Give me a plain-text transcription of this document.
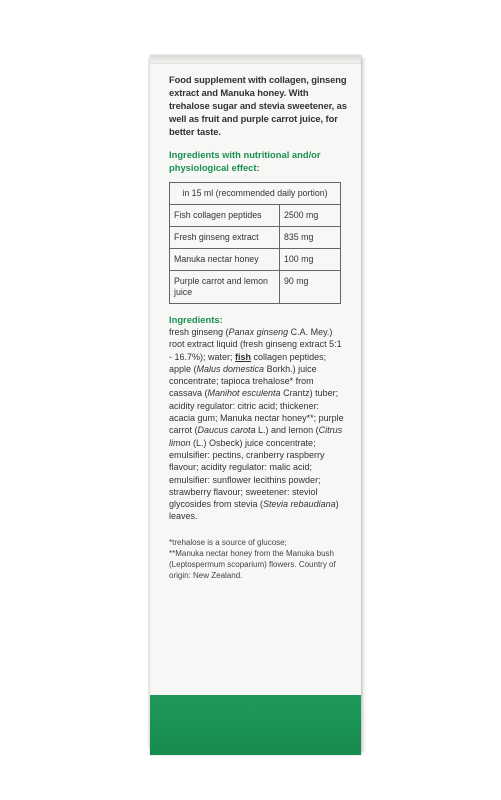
Food supplement with collagen, ginseng extract and Manuka honey. With trehalose sugar and stevia sweetener, as well as fruit and purple carrot juice, for better taste.
Ingredients with nutritional and/or physiological effect:
in 15 ml (recommended daily portion)	
Fish collagen peptides	2500 mg
Fresh ginseng extract	835 mg
Manuka nectar honey	100 mg
Purple carrot and lemon juice	90 mg
Ingredients:
fresh ginseng (Panax ginseng C.A. Mey.) root extract liquid (fresh ginseng extract 5:1 - 16.7%); water; fish collagen peptides; apple (Malus domestica Borkh.) juice concentrate; tapioca trehalose* from cassava (Manihot esculenta Crantz) tuber; acidity regulator: citric acid; thickener: acacia gum; Manuka nectar honey**; purple carrot (Daucus carota L.) and lemon (Citrus limon (L.) Osbeck) juice concentrate; emulsifier: pectins, cranberry raspberry flavour; acidity regulator: malic acid; emulsifier: sunflower lecithins powder; strawberry flavour; sweetener: steviol glycosides from stevia (Stevia rebaudiana) leaves.
*trehalose is a source of glucose;
**Manuka nectar honey from the Manuka bush (Leptospermum scoparium) flowers. Country of origin: New Zealand.
